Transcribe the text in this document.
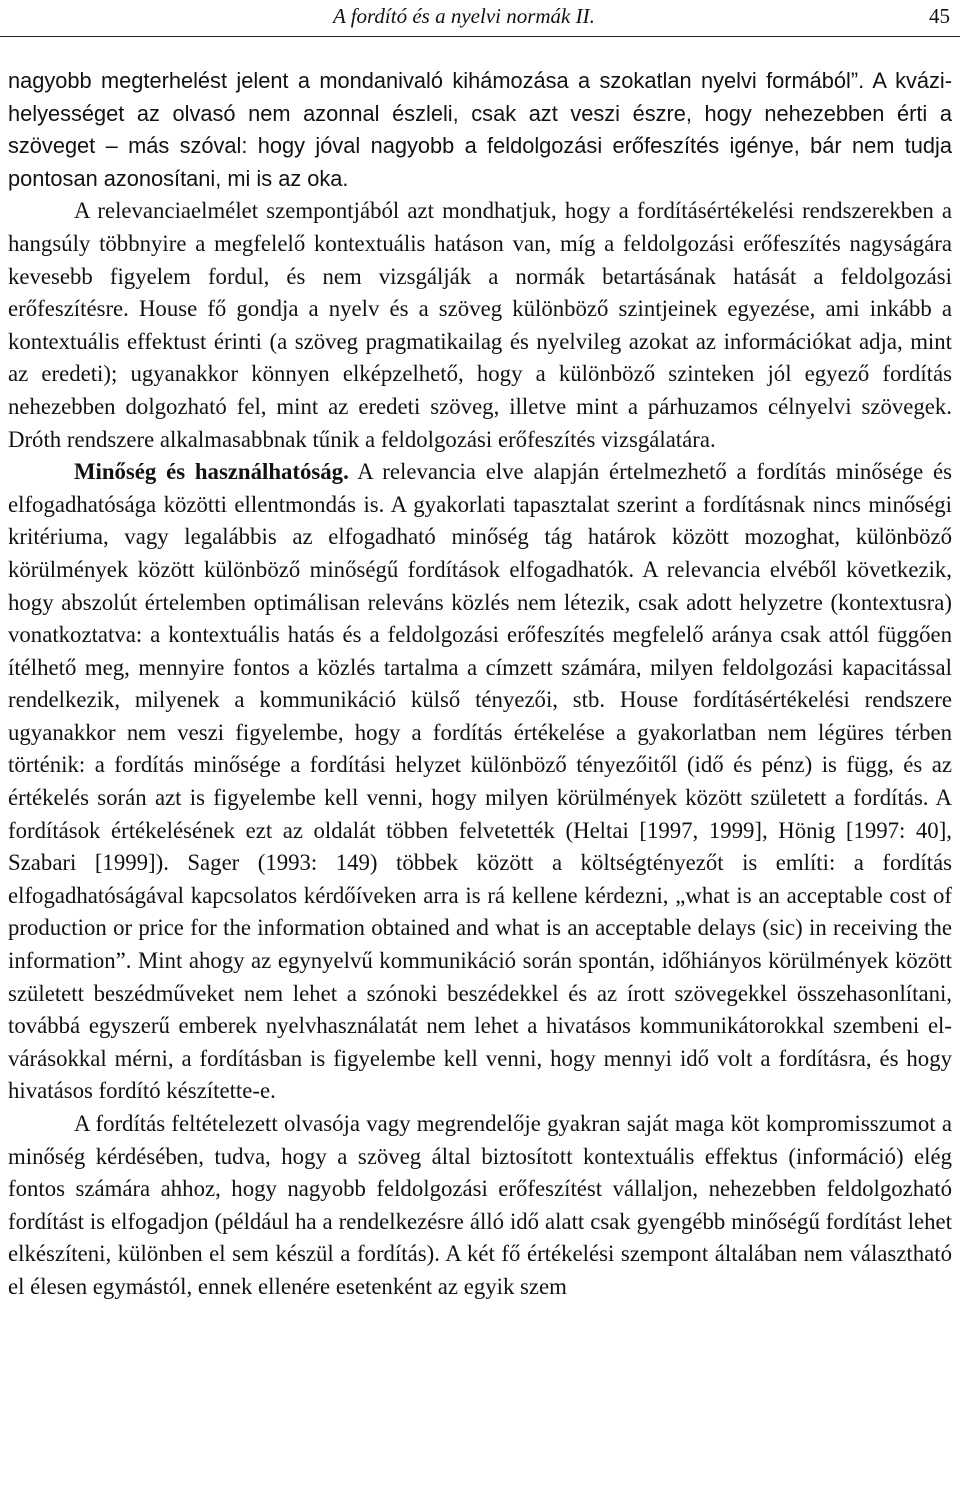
A fordító és a nyelvi normák II.	45

nagyobb megterhelést jelent a mondanivaló kihámozása a szokatlan nyelvi formából”. A kvázi-helyességet az olvasó nem azonnal észleli, csak azt veszi észre, hogy nehezebben érti a szöveget – más szóval: hogy jóval nagyobb a feldolgozási erőfeszítés igénye, bár nem tudja pontosan azonosítani, mi is az oka.

A relevanciaelmélet szempontjából azt mondhatjuk, hogy a fordításértékelési rendszerekben a hangsúly többnyire a megfelelő kontextuális hatáson van, míg a feldolgozási erőfeszítés nagyságára kevesebb figyelem fordul, és nem vizsgálják a normák betartásának hatását a feldolgozási erőfeszítésre. House fő gondja a nyelv és a szöveg különböző szintjeinek egyezése, ami inkább a kontextuális effektust érinti (a szöveg pragmatikailag és nyelvileg azokat az információkat adja, mint az eredeti); ugyanakkor könnyen elképzelhető, hogy a különböző szinteken jól egyező fordítás nehezebben dolgozható fel, mint az eredeti szöveg, illetve mint a párhuzamos célnyelvi szövegek. Dróth rendszere alkalmasabbnak tűnik a feldolgozási erőfeszítés vizsgálatára.

Minőség és használhatóság. A relevancia elve alapján értelmezhető a fordítás minősége és elfogadhatósága közötti ellentmondás is. A gyakorlati tapasztalat szerint a fordításnak nincs minőségi kritériuma, vagy legalábbis az elfogadható minőség tág határok között mozoghat, különböző körülmények között különböző minőségű fordítások elfogadhatók. A relevancia elvéből következik, hogy abszolút értelemben optimálisan releváns közlés nem létezik, csak adott helyzetre (kontextusra) vonatkoztatva: a kontextuális hatás és a feldolgozási erőfeszítés megfelelő aránya csak attól függően ítélhető meg, mennyire fontos a közlés tartalma a címzett számára, milyen feldolgozási kapacitással rendelkezik, milyenek a kommunikáció külső tényezői, stb. House fordításértékelési rendszere ugyanakkor nem veszi figyelembe, hogy a fordítás értékelése a gyakorlatban nem légüres térben történik: a fordítás minősége a fordítási helyzet különböző tényezőitől (idő és pénz) is függ, és az értékelés során azt is figyelembe kell venni, hogy milyen körülmények között született a fordítás. A fordítások értékelésének ezt az oldalát többen felvetették (Heltai [1997, 1999], Hönig [1997: 40], Szabari [1999]). Sager (1993: 149) többek között a költségtényezőt is említi: a fordítás elfogadhatóságával kapcsolatos kérdőíveken arra is rá kellene kérdezni, „what is an acceptable cost of production or price for the information obtained and what is an acceptable delays (sic) in receiving the information”. Mint ahogy az egynyelvű kommunikáció során spontán, időhiányos körülmények között született beszédműveket nem lehet a szónoki beszédekkel és az írott szövegekkel összehasonlítani, továbbá egyszerű emberek nyelvhasználatát nem lehet a hivatásos kommunikátorokkal szembeni elvárásokkal mérni, a fordításban is figyelembe kell venni, hogy mennyi idő volt a fordításra, és hogy hivatásos fordító készítette-e.

A fordítás feltételezett olvasója vagy megrendelője gyakran saját maga köt kompromisszumot a minőség kérdésében, tudva, hogy a szöveg által biztosított kontextuális effektus (információ) elég fontos számára ahhoz, hogy nagyobb feldolgozási erőfeszítést vállaljon, nehezebben feldolgozható fordítást is elfogadjon (például ha a rendelkezésre álló idő alatt csak gyengébb minőségű fordítást lehet elkészíteni, különben el sem készül a fordítás). A két fő értékelési szempont általában nem választható el élesen egymástól, ennek ellenére esetenként az egyik szem
